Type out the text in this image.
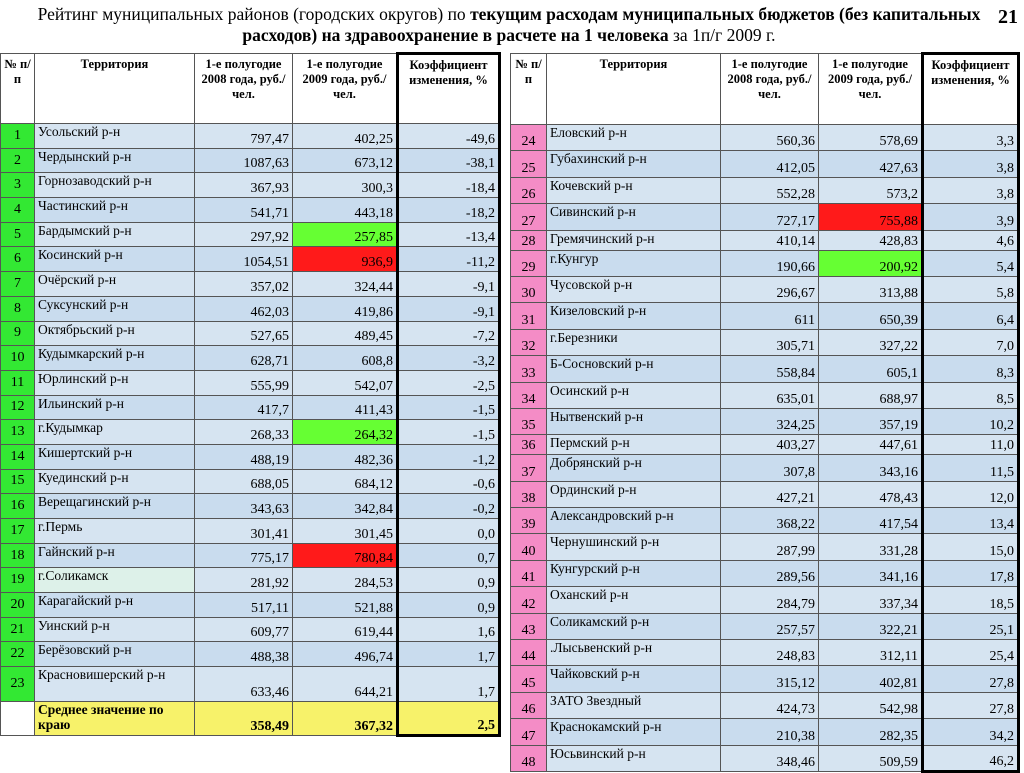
Рейтинг муниципальных районов (городских округов) по текущим расходам муниципальных бюджетов (без капитальных расходов) на здравоохранение в расчете на 1 человека за 1п/г 2009 г.
21
№ п/п	Территория	1-е полугодие 2008 года, руб./чел.	1-е полугодие 2009 года, руб./чел.	Коэффициент изменения, %
1	Усольский р-н	797,47	402,25	-49,6
2	Чердынский р-н	1087,63	673,12	-38,1
3	Горнозаводский р-н	367,93	300,3	-18,4
4	Частинский р-н	541,71	443,18	-18,2
5	Бардымский р-н	297,92	257,85	-13,4
6	Косинский р-н	1054,51	936,9	-11,2
7	Очёрский р-н	357,02	324,44	-9,1
8	Суксунский р-н	462,03	419,86	-9,1
9	Октябрьский р-н	527,65	489,45	-7,2
10	Кудымкарский р-н	628,71	608,8	-3,2
11	Юрлинский р-н	555,99	542,07	-2,5
12	Ильинский р-н	417,7	411,43	-1,5
13	г.Кудымкар	268,33	264,32	-1,5
14	Кишертский р-н	488,19	482,36	-1,2
15	Куединский р-н	688,05	684,12	-0,6
16	Верещагинский р-н	343,63	342,84	-0,2
17	г.Пермь	301,41	301,45	0,0
18	Гайнский р-н	775,17	780,84	0,7
19	г.Соликамск	281,92	284,53	0,9
20	Карагайский р-н	517,11	521,88	0,9
21	Уинский р-н	609,77	619,44	1,6
22	Берёзовский р-н	488,38	496,74	1,7
23	Красновишерский р-н	633,46	644,21	1,7
	Среднее значение по краю	358,49	367,32	2,5
№ п/п	Территория	1-е полугодие 2008 года, руб./чел.	1-е полугодие 2009 года, руб./чел.	Коэффициент изменения, %
24	Еловский р-н	560,36	578,69	3,3
25	Губахинский р-н	412,05	427,63	3,8
26	Кочевский р-н	552,28	573,2	3,8
27	Сивинский р-н	727,17	755,88	3,9
28	Гремячинский р-н	410,14	428,83	4,6
29	г.Кунгур	190,66	200,92	5,4
30	Чусовской р-н	296,67	313,88	5,8
31	Кизеловский р-н	611	650,39	6,4
32	г.Березники	305,71	327,22	7,0
33	Б-Сосновский р-н	558,84	605,1	8,3
34	Осинский р-н	635,01	688,97	8,5
35	Нытвенский р-н	324,25	357,19	10,2
36	Пермский р-н	403,27	447,61	11,0
37	Добрянский р-н	307,8	343,16	11,5
38	Ординский р-н	427,21	478,43	12,0
39	Александровский р-н	368,22	417,54	13,4
40	Чернушинский р-н	287,99	331,28	15,0
41	Кунгурский р-н	289,56	341,16	17,8
42	Оханский р-н	284,79	337,34	18,5
43	Соликамский р-н	257,57	322,21	25,1
44	.Лысьвенский р-н	248,83	312,11	25,4
45	Чайковский р-н	315,12	402,81	27,8
46	ЗАТО Звездный	424,73	542,98	27,8
47	Краснокамский р-н	210,38	282,35	34,2
48	Юсьвинский р-н	348,46	509,59	46,2
